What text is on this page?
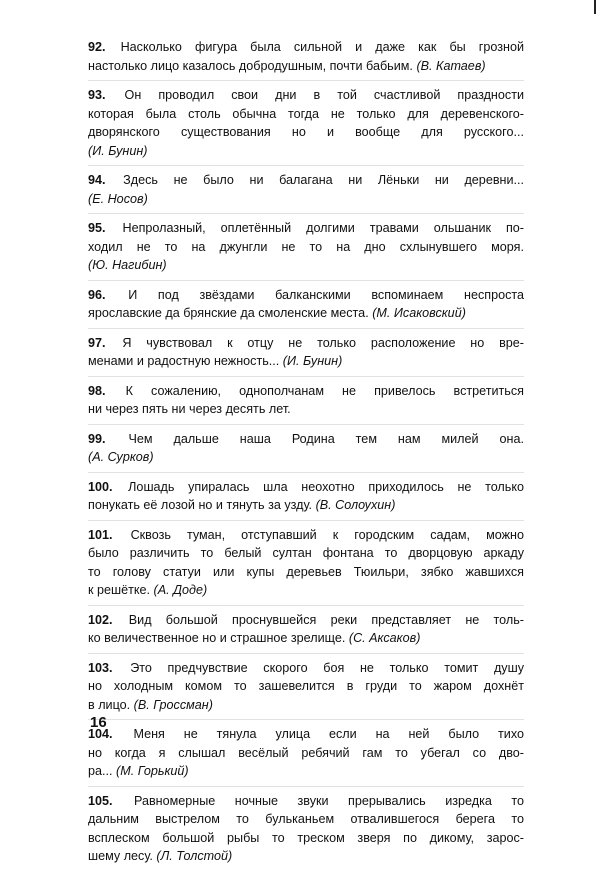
92. Насколько фигура была сильной и даже как бы грозной
настолько лицо казалось добродушным, почти бабьим. (В. Катаев)
93. Он проводил свои дни в той счастливой праздности
которая была столь обычна тогда не только для деревенского-
дворянского существования но и вообще для русского...
(И. Бунин)
94. Здесь не было ни балагана ни Лёньки ни деревни...
(Е. Носов)
95. Непролазный, оплетённый долгими травами ольшаник по-
ходил не то на джунгли не то на дно схлынувшего моря.
(Ю. Нагибин)
96. И под звёздами балканскими вспоминаем неспроста
ярославские да брянские да смоленские места. (М. Исаковский)
97. Я чувствовал к отцу не только расположение но вре-
менами и радостную нежность... (И. Бунин)
98. К сожалению, однополчанам не привелось встретиться
ни через пять ни через десять лет.
99. Чем дальше наша Родина тем нам милей она.
(А. Сурков)
100. Лошадь упиралась шла неохотно приходилось не только
понукать её лозой но и тянуть за узду. (В. Солоухин)
101. Сквозь туман, отступавший к городским садам, можно
было различить то белый султан фонтана то дворцовую аркаду
то голову статуи или купы деревьев Тюильри, зябко жавшихся
к решётке. (А. Доде)
102. Вид большой проснувшейся реки представляет не толь-
ко величественное но и страшное зрелище. (С. Аксаков)
103. Это предчувствие скорого боя не только томит душу
но холодным комом то зашевелится в груди то жаром дохнёт
в лицо. (В. Гроссман)
104. Меня не тянула улица если на ней было тихо
но когда я слышал весёлый ребячий гам то убегал со дво-
ра... (М. Горький)
105. Равномерные ночные звуки прерывались изредка то
дальним выстрелом то бульканьем отвалившегося берега то
всплеском большой рыбы то треском зверя по дикому, зарос-
шему лесу. (Л. Толстой)
16
